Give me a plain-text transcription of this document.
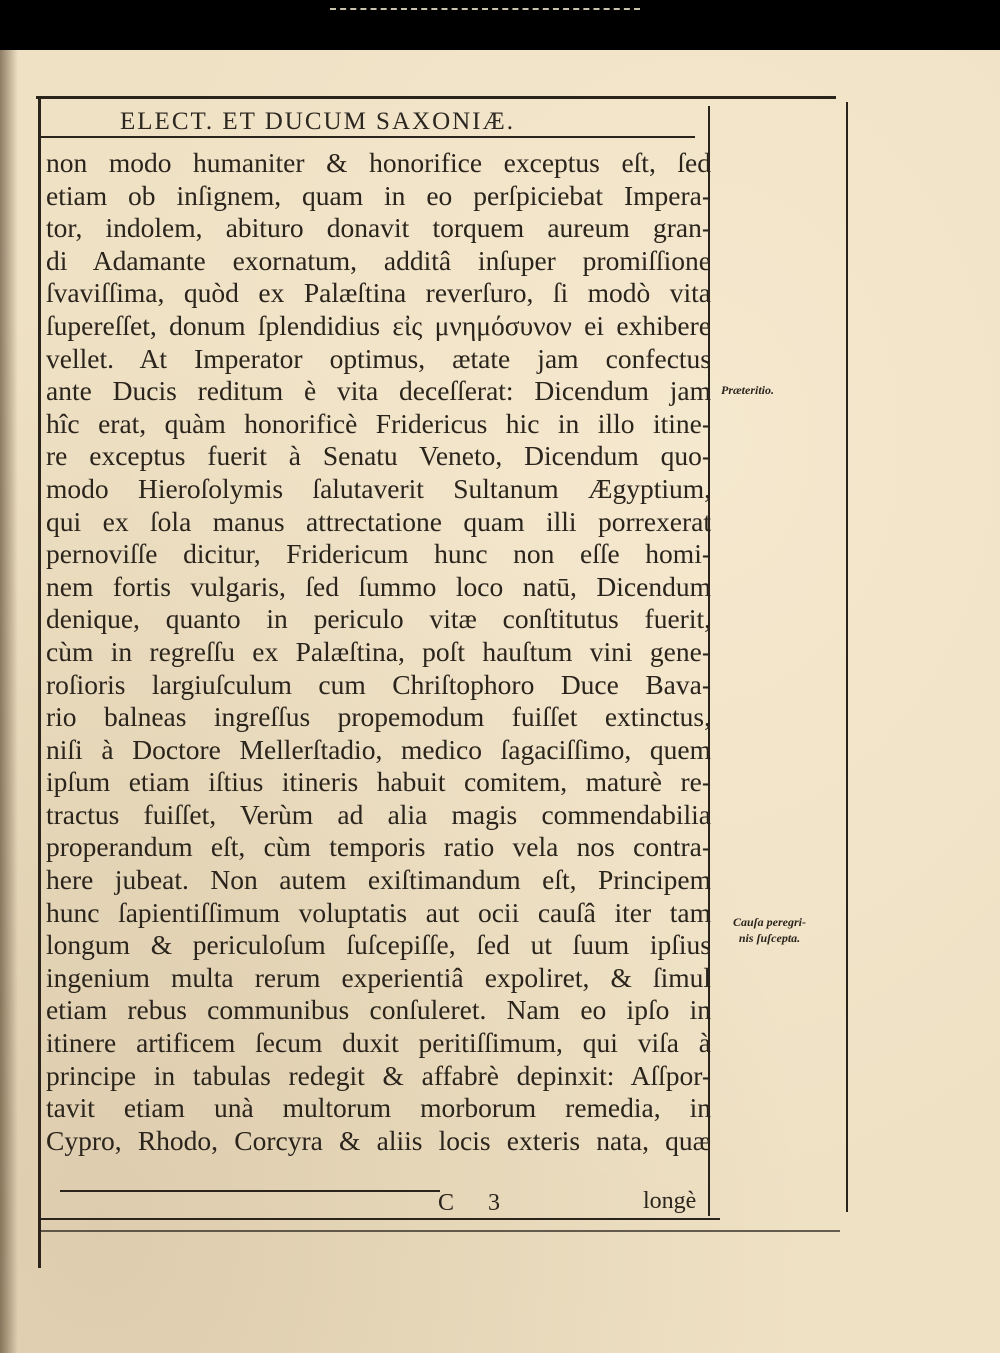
ELECT. ET DUCUM SAXONIÆ.
non modo humaniter & honorifice exceptus eſt, ſed
etiam ob inſignem, quam in eo perſpiciebat Impera-
tor, indolem, abituro donavit torquem aureum gran-
di Adamante exornatum, additâ inſuper promiſſione
ſvaviſſima, quòd ex Palæſtina reverſuro, ſi modò vita
ſupereſſet, donum ſplendidius εἰς μνημόσυνον ei exhibere
vellet. At Imperator optimus, ætate jam confectus
ante Ducis reditum è vita deceſſerat: Dicendum jam
hîc erat, quàm honorificè Fridericus hic in illo itine-
re exceptus fuerit à Senatu Veneto, Dicendum quo-
modo Hieroſolymis ſalutaverit Sultanum Ægyptium,
qui ex ſola manus attrectatione quam illi porrexerat
pernoviſſe dicitur, Fridericum hunc non eſſe homi-
nem fortis vulgaris, ſed ſummo loco natū, Dicendum
denique, quanto in periculo vitæ conſtitutus fuerit,
cùm in regreſſu ex Palæſtina, poſt hauſtum vini gene-
roſioris largiuſculum cum Chriſtophoro Duce Bava-
rio balneas ingreſſus propemodum fuiſſet extinctus,
niſi à Doctore Mellerſtadio, medico ſagaciſſimo, quem
ipſum etiam iſtius itineris habuit comitem, maturè re-
tractus fuiſſet, Verùm ad alia magis commendabilia
properandum eſt, cùm temporis ratio vela nos contra-
here jubeat. Non autem exiſtimandum eſt, Principem
hunc ſapientiſſimum voluptatis aut ocii cauſâ iter tam
longum & periculoſum ſuſcepiſſe, ſed ut ſuum ipſius
ingenium multa rerum experientiâ expoliret, & ſimul
etiam rebus communibus conſuleret. Nam eo ipſo in
itinere artificem ſecum duxit peritiſſimum, qui viſa à
principe in tabulas redegit & affabrè depinxit: Aſſpor-
tavit etiam unà multorum morborum remedia, in
Cypro, Rhodo, Corcyra & aliis locis exteris nata, quæ
Præteritio.
Cauſa peregri-
nis ſuſcepta.
C 3	longè
